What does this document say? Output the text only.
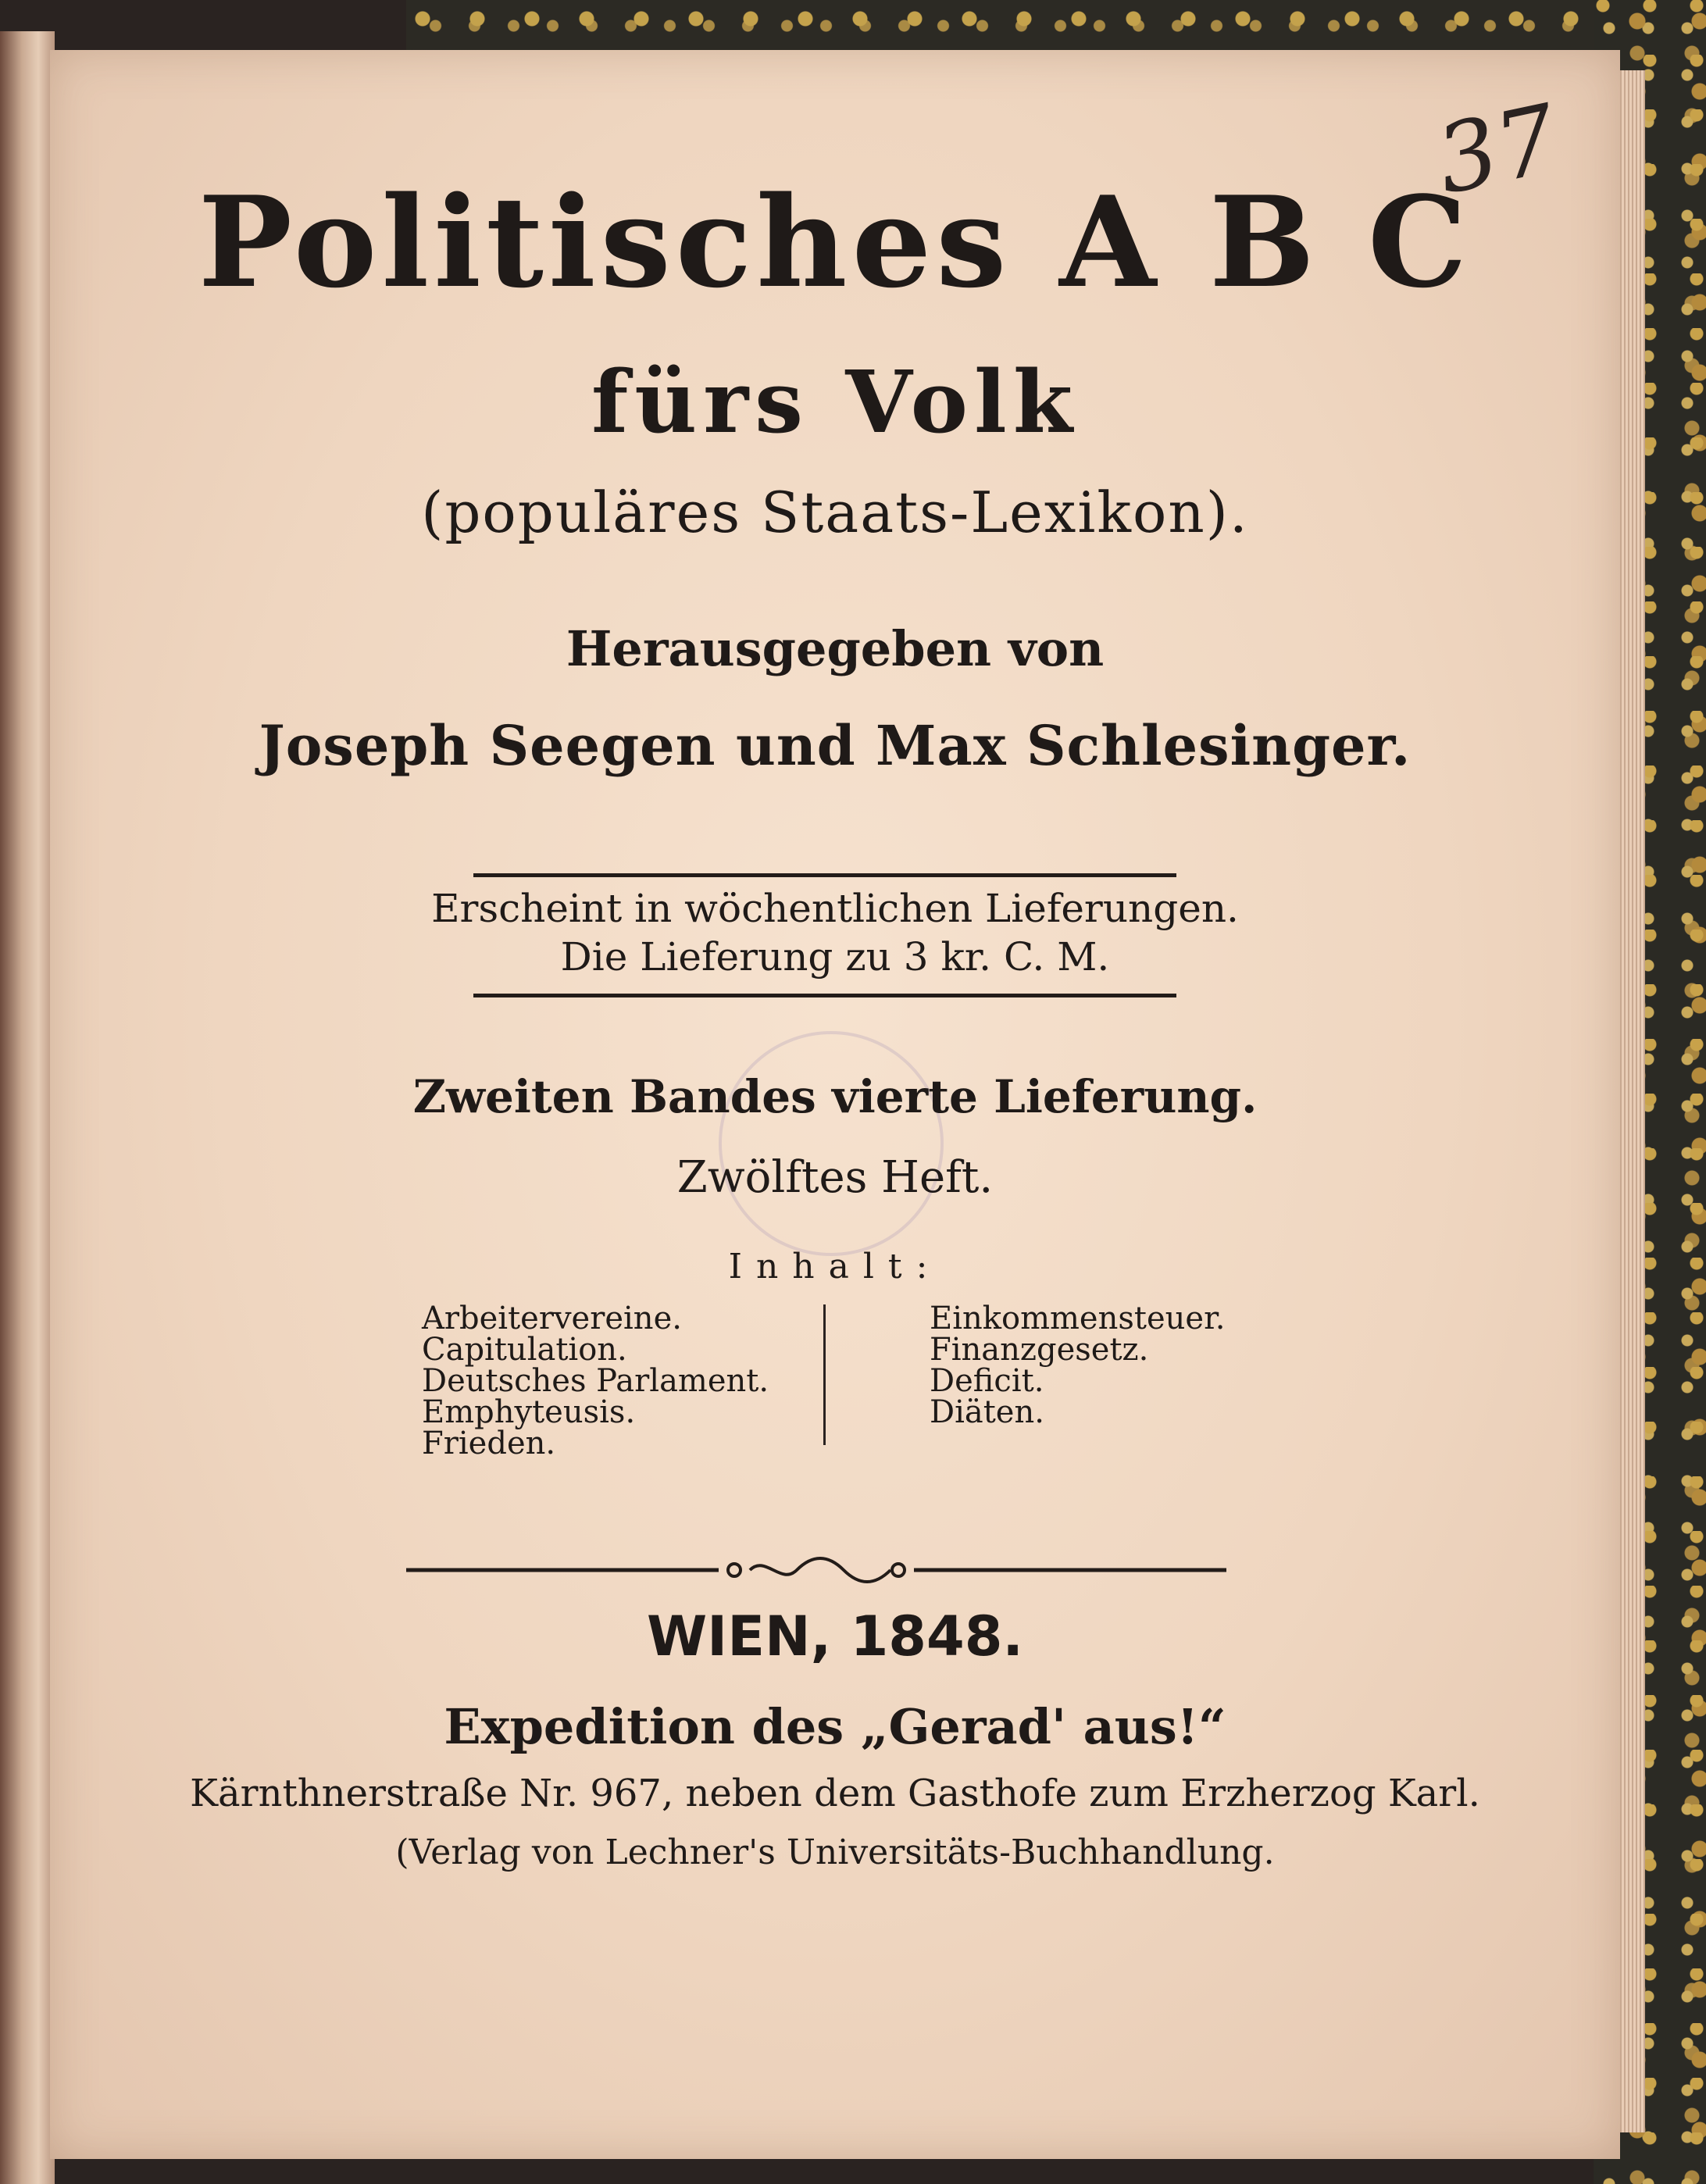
37
Politisches A B C
fürs Volk
(populäres Staats-Lexikon).
Herausgegeben von
Joseph Seegen und Max Schlesinger.
Erscheint in wöchentlichen Lieferungen.
Die Lieferung zu 3 kr. C. M.
Zweiten Bandes vierte Lieferung.
Zwölftes Heft.
Inhalt:
Arbeitervereine.
Capitulation.
Deutsches Parlament.
Emphyteusis.
Frieden.
Einkommensteuer.
Finanzgesetz.
Deficit.
Diäten.
WIEN, 1848.
Expedition des „Gerad' aus!“
Kärnthnerstraße Nr. 967, neben dem Gasthofe zum Erzherzog Karl.
(Verlag von Lechner's Universitäts-Buchhandlung.
